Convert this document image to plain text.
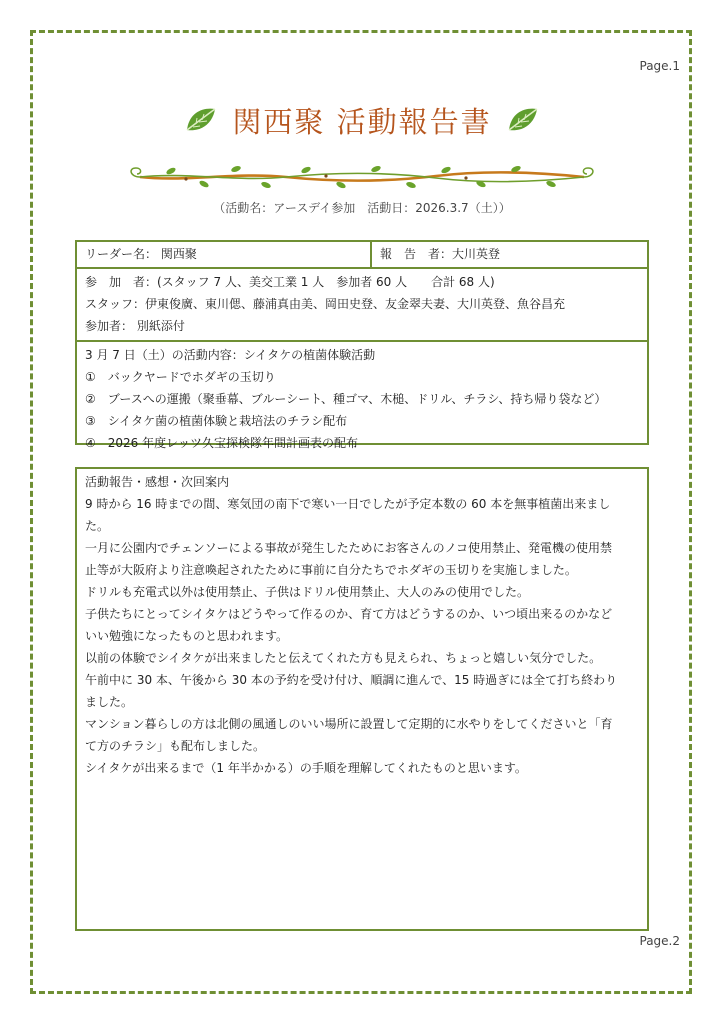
Page.1
関西聚 活動報告書
（活動名：アースデイ参加　活動日：2026.3.7（土））
リーダー名： 関西聚	報　告　者：大川英登
参　加　者：(スタッフ 7 人、美交工業 1 人　参加者 60 人　　合計 68 人)
スタッフ：伊東俊廣、東川偲、藤浦真由美、岡田史登、友金翠夫妻、大川英登、魚谷昌充
参加者： 別紙添付
3 月 7 日（土）の活動内容：シイタケの植菌体験活動
①　バックヤードでホダギの玉切り
②　ブースへの運搬（聚垂幕、ブルーシート、種ゴマ、木槌、ドリル、チラシ、持ち帰り袋など）
③　シイタケ菌の植菌体験と栽培法のチラシ配布
④　2026 年度レッツ久宝探検隊年間計画表の配布
活動報告・感想・次回案内
9 時から 16 時までの間、寒気団の南下で寒い一日でしたが予定本数の 60 本を無事植菌出来まし
た。
一月に公園内でチェンソーによる事故が発生したためにお客さんのノコ使用禁止、発電機の使用禁
止等が大阪府より注意喚起されたために事前に自分たちでホダギの玉切りを実施しました。
ドリルも充電式以外は使用禁止、子供はドリル使用禁止、大人のみの使用でした。
子供たちにとってシイタケはどうやって作るのか、育て方はどうするのか、いつ頃出来るのかなど
いい勉強になったものと思われます。
以前の体験でシイタケが出来ましたと伝えてくれた方も見えられ、ちょっと嬉しい気分でした。
午前中に 30 本、午後から 30 本の予約を受け付け、順調に進んで、15 時過ぎには全て打ち終わり
ました。
マンション暮らしの方は北側の風通しのいい場所に設置して定期的に水やりをしてくださいと「育
て方のチラシ」も配布しました。
シイタケが出来るまで（1 年半かかる）の手順を理解してくれたものと思います。
Page.2
